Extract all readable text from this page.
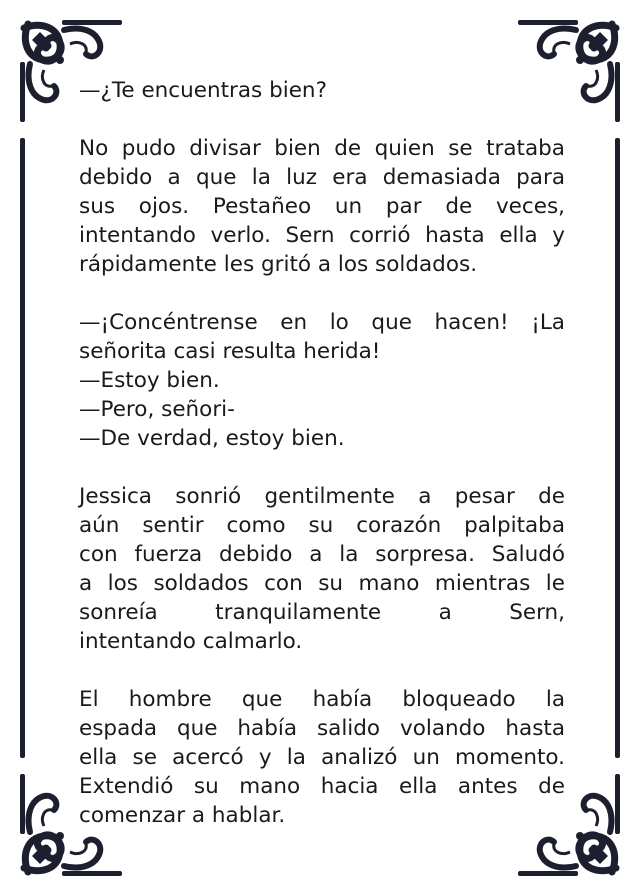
—¿Te encuentras bien?
No pudo divisar bien de quien se trataba
debido a que la luz era demasiada para
sus ojos. Pestañeo un par de veces,
intentando verlo. Sern corrió hasta ella y
rápidamente les gritó a los soldados.
—¡Concéntrense en lo que hacen! ¡La
señorita casi resulta herida!
—Estoy bien.
—Pero, señori-
—De verdad, estoy bien.
Jessica sonrió gentilmente a pesar de
aún sentir como su corazón palpitaba
con fuerza debido a la sorpresa. Saludó
a los soldados con su mano mientras le
sonreía tranquilamente a Sern,
intentando calmarlo.
El hombre que había bloqueado la
espada que había salido volando hasta
ella se acercó y la analizó un momento.
Extendió su mano hacia ella antes de
comenzar a hablar.
